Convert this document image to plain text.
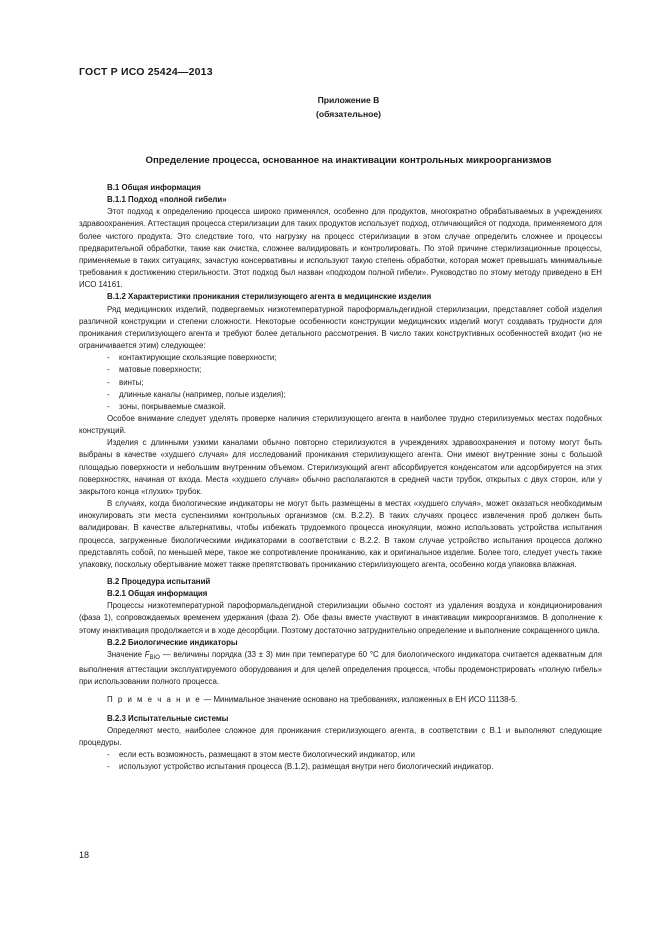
ГОСТ Р ИСО 25424—2013
Приложение В
(обязательное)
Определение процесса, основанное на инактивации контрольных микроорганизмов

В.1 Общая информация

В.1.1 Подход «полной гибели»

Этот подход к определению процесса широко применялся, особенно для продуктов, многократно обрабатываемых в учреждениях здравоохранения. Аттестация процесса стерилизации для таких продуктов использует подход, отличающийся от подхода, применяемого для более чистого продукта. Это следствие того, что нагрузку на процесс стерилизации в этом случае определить сложнее и процессы предварительной обработки, такие как очистка, сложнее валидировать и контролировать. По этой причине стерилизационные процессы, применяемые в таких ситуациях, зачастую консервативны и используют такую степень обработки, которая может превышать минимальные требования к достижению стерильности. Этот подход был назван «подходом полной гибели». Руководство по этому методу приведено в ЕН ИСО 14161.

В.1.2 Характеристики проникания стерилизующего агента в медицинские изделия

Ряд медицинских изделий, подвергаемых низкотемпературной пароформальдегидной стерилизации, представляет собой изделия различной конструкции и степени сложности. Некоторые особенности конструкции медицинских изделий могут создавать трудности для проникания стерилизующего агента и требуют более детального рассмотрения. В число таких конструктивных особенностей входит (но не ограничивается этим) следующее:

- контактирующие скользящие поверхности;

- матовые поверхности;

- винты;

- длинные каналы (например, полые изделия);

- зоны, покрываемые смазкой.

Особое внимание следует уделять проверке наличия стерилизующего агента в наиболее трудно стерилизуемых местах подобных конструкций.

Изделия с длинными узкими каналами обычно повторно стерилизуются в учреждениях здравоохранения и потому могут быть выбраны в качестве «худшего случая» для исследований проникания стерилизующего агента. Они имеют внутренние зоны с большой площадью поверхности и небольшим внутренним объемом. Стерилизующий агент абсорбируется конденсатом или адсорбируется на этих поверхностях, начиная от входа. Места «худшего случая» обычно располагаются в средней части трубок, открытых с двух сторон, или у закрытого конца «глухих» трубок.

В случаях, когда биологические индикаторы не могут быть размещены в местах «худшего случая», может оказаться необходимым инокулировать эти места суспензиями контрольных организмов (см. В.2.2). В таких случаях процесс извлечения проб должен быть валидирован. В качестве альтернативы, чтобы избежать трудоемкого процесса инокуляции, можно использовать устройства испытания процесса, загруженные биологическими индикаторами в соответствии с В.2.2. В таком случае устройство испытания процесса должно представлять собой, по меньшей мере, такое же сопротивление прониканию, как и оригинальное изделие. Более того, следует учесть также упаковку, поскольку обертывание может также препятствовать прониканию стерилизующего агента, особенно когда упаковка влажная.

В.2 Процедура испытаний

В.2.1 Общая информация

Процессы низкотемпературной пароформальдегидной стерилизации обычно состоят из удаления воздуха и кондиционирования (фаза 1), сопровождаемых временем удержания (фаза 2). Обе фазы вместе участвуют в инактивации микроорганизмов. В дополнение к этому инактивация продолжается и в ходе десорбции. Поэтому достаточно затруднительно определение и выполнение сокращенного цикла.

В.2.2 Биологические индикаторы

Значение $F_{BIO}$ — величины порядка (33 ± 3) мин при температуре 60 °C для биологического индикатора считается адекватным для выполнения аттестации эксплуатируемого оборудования и для целей определения процесса, чтобы продемонстрировать «полную гибель» при использовании полного процесса.

П р и м е ч а н и е — Минимальное значение основано на требованиях, изложенных в ЕН ИСО 11138-5.

В.2.3 Испытательные системы

Определяют место, наиболее сложное для проникания стерилизующего агента, в соответствии с В.1 и выполняют следующие процедуры.

- если есть возможность, размещают в этом месте биологический индикатор, или

- используют устройство испытания процесса (В.1.2), размещая внутри него биологический индикатор.

18
